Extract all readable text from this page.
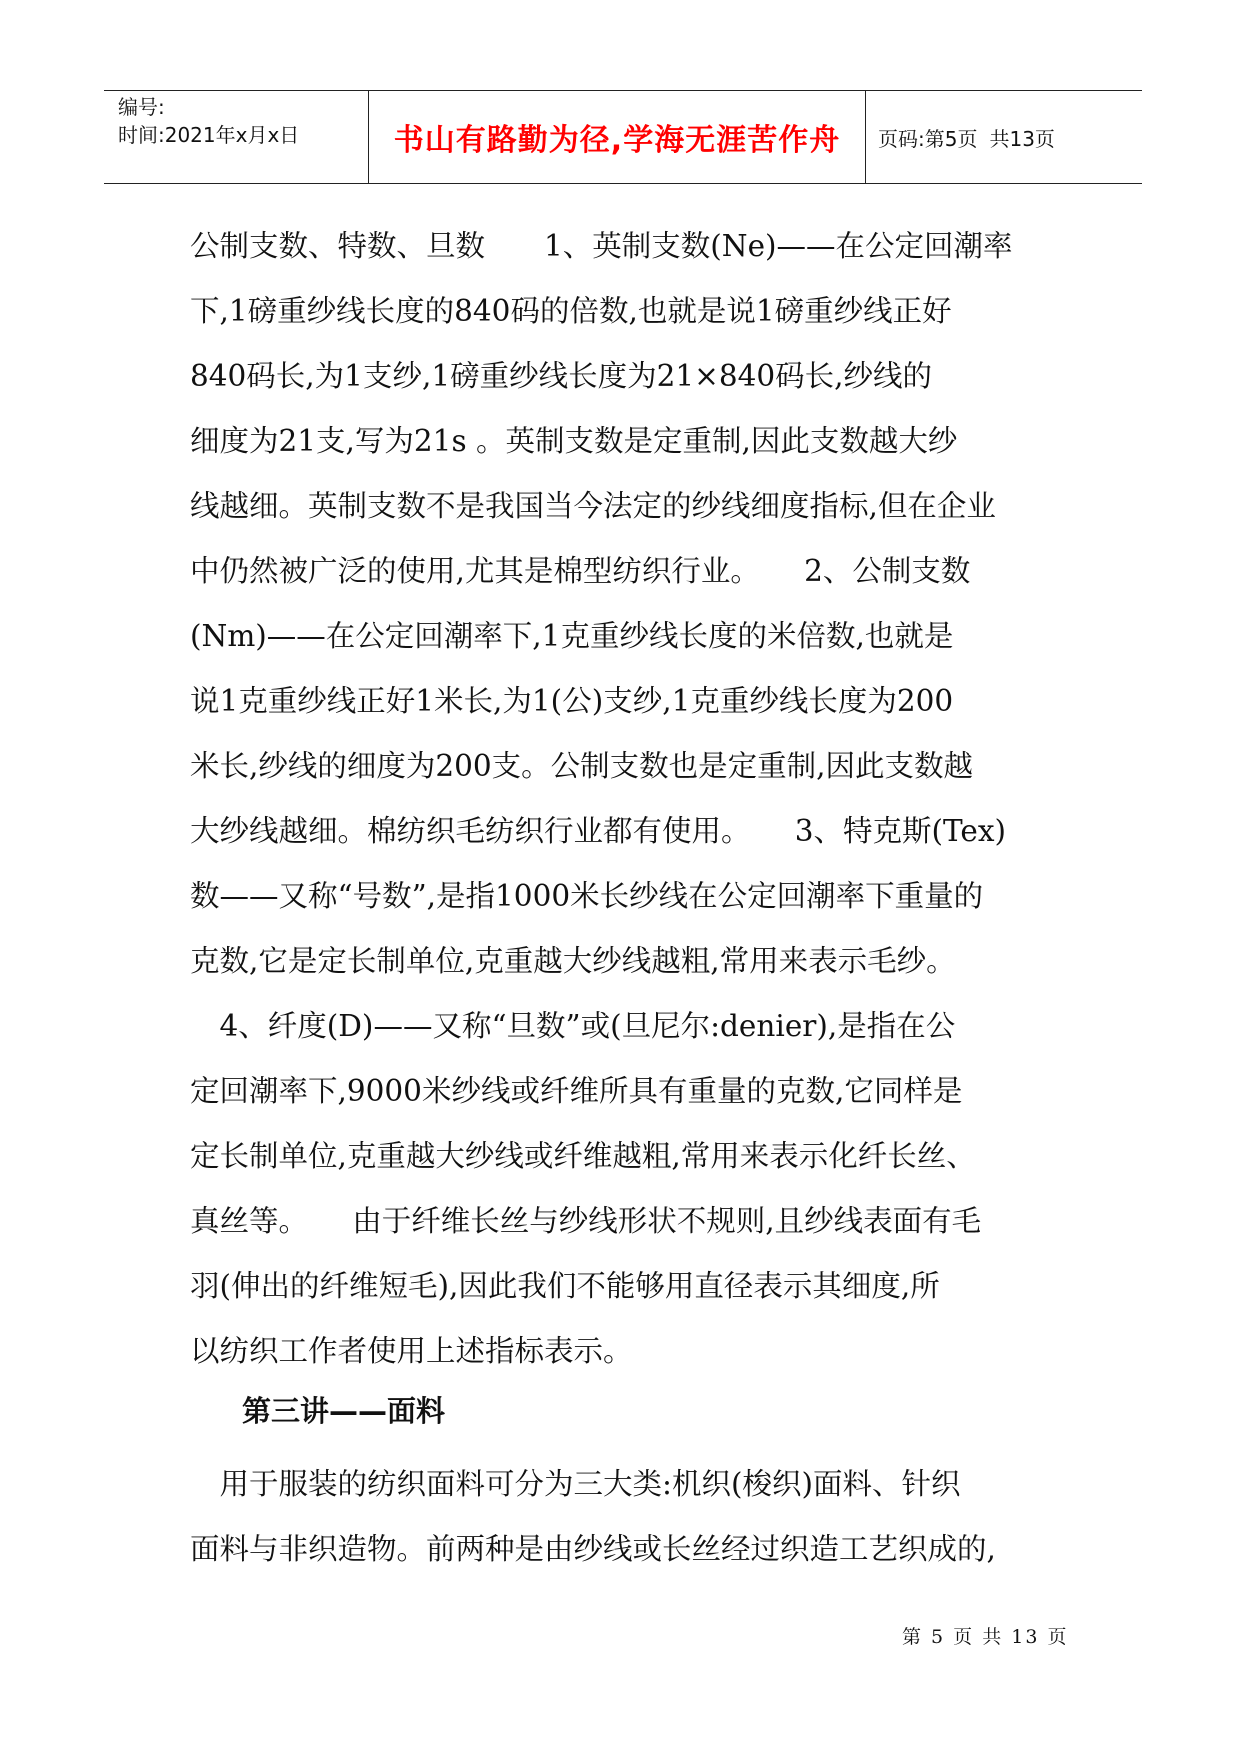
编号:
时间:2021年x月x日	书山有路勤为径,学海无涯苦作舟	页码:第5页 共13页
公制支数、特数、旦数　　1、英制支数(Ne)——在公定回潮率
下,1磅重纱线长度的840码的倍数,也就是说1磅重纱线正好
840码长,为1支纱,1磅重纱线长度为21×840码长,纱线的
细度为21支,写为21s 。英制支数是定重制,因此支数越大纱
线越细。英制支数不是我国当今法定的纱线细度指标,但在企业
中仍然被广泛的使用,尤其是棉型纺织行业。　　2、公制支数
(Nm)——在公定回潮率下,1克重纱线长度的米倍数,也就是
说1克重纱线正好1米长,为1(公)支纱,1克重纱线长度为200
米长,纱线的细度为200支。公制支数也是定重制,因此支数越
大纱线越细。棉纺织毛纺织行业都有使用。　　3、特克斯(Tex)
数——又称“号数”,是指1000米长纱线在公定回潮率下重量的
克数,它是定长制单位,克重越大纱线越粗,常用来表示毛纱。
　4、纤度(D)——又称“旦数”或(旦尼尔:denier),是指在公
定回潮率下,9000米纱线或纤维所具有重量的克数,它同样是
定长制单位,克重越大纱线或纤维越粗,常用来表示化纤长丝、
真丝等。　　由于纤维长丝与纱线形状不规则,且纱线表面有毛
羽(伸出的纤维短毛),因此我们不能够用直径表示其细度,所
以纺织工作者使用上述指标表示。
第三讲——面料
　用于服装的纺织面料可分为三大类:机织(梭织)面料、针织
面料与非织造物。前两种是由纱线或长丝经过织造工艺织成的,
第 5 页 共 13 页
